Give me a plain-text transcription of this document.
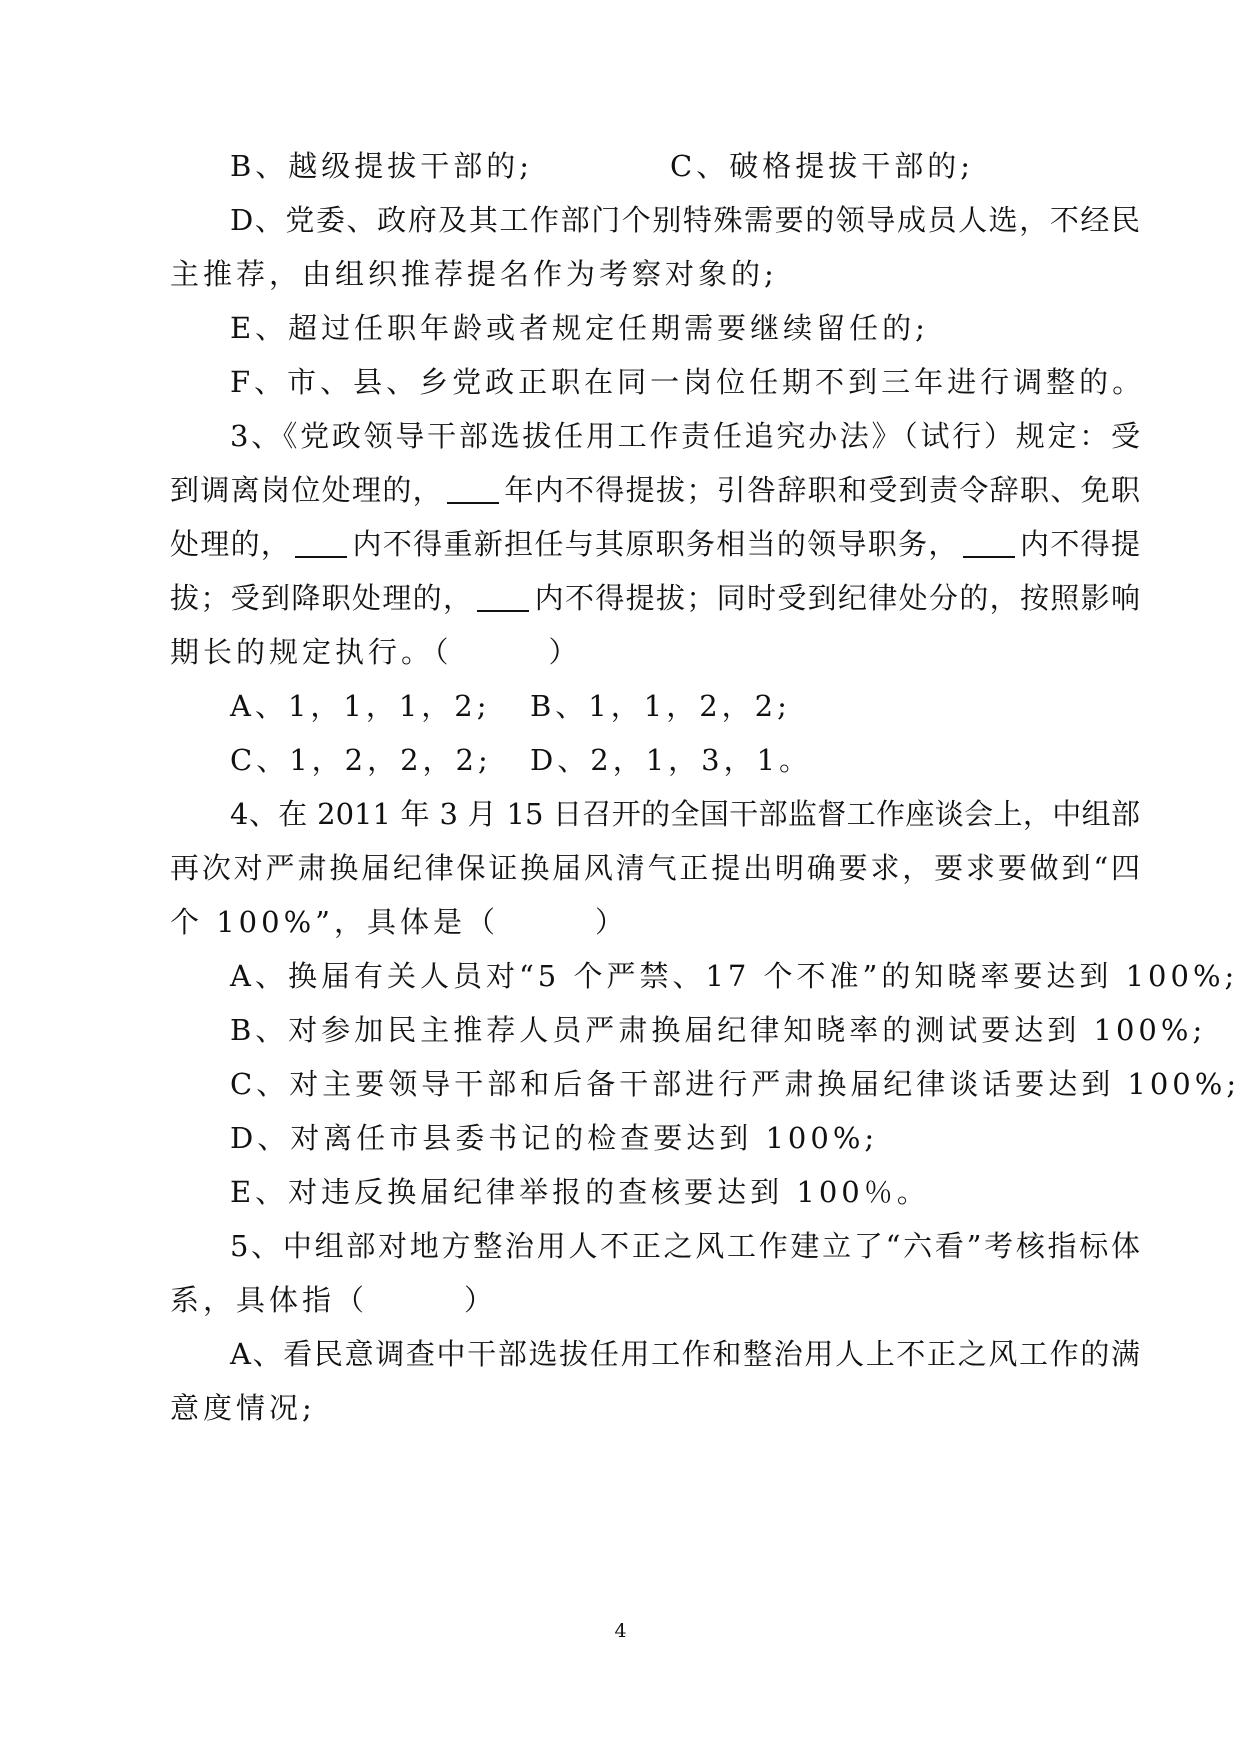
B、越级提拔干部的;	C、破格提拔干部的;
D、党委、政府及其工作部门个别特殊需要的领导成员人选，不经民
主推荐，由组织推荐提名作为考察对象的;
E、超过任职年龄或者规定任期需要继续留任的;
F、市、县、乡党政正职在同一岗位任期不到三年进行调整的。
3、《党政领导干部选拔任用工作责任追究办法》（试行）规定：受
到调离岗位处理的， 年内不得提拔；引咎辞职和受到责令辞职、免职
处理的， 内不得重新担任与其原职务相当的领导职务， 内不得提
拔；受到降职处理的， 内不得提拔；同时受到纪律处分的，按照影响
期长的规定执行。（	）
A、1，1，1，2; B、1，1，2，2;
C、1，2，2，2; D、2，1，3，1。
4、在 2011 年 3 月 15 日召开的全国干部监督工作座谈会上，中组部
再次对严肃换届纪律保证换届风清气正提出明确要求，要求要做到“四
个 100%”，具体是（	）
A、换届有关人员对“5 个严禁、17 个不准”的知晓率要达到 100%;
B、对参加民主推荐人员严肃换届纪律知晓率的测试要达到 100%;
C、对主要领导干部和后备干部进行严肃换届纪律谈话要达到 100%;
D、对离任市县委书记的检查要达到 100%;
E、对违反换届纪律举报的查核要达到 100％。
5、中组部对地方整治用人不正之风工作建立了“六看”考核指标体
系，具体指（	）
A、看民意调查中干部选拔任用工作和整治用人上不正之风工作的满
意度情况;
4
